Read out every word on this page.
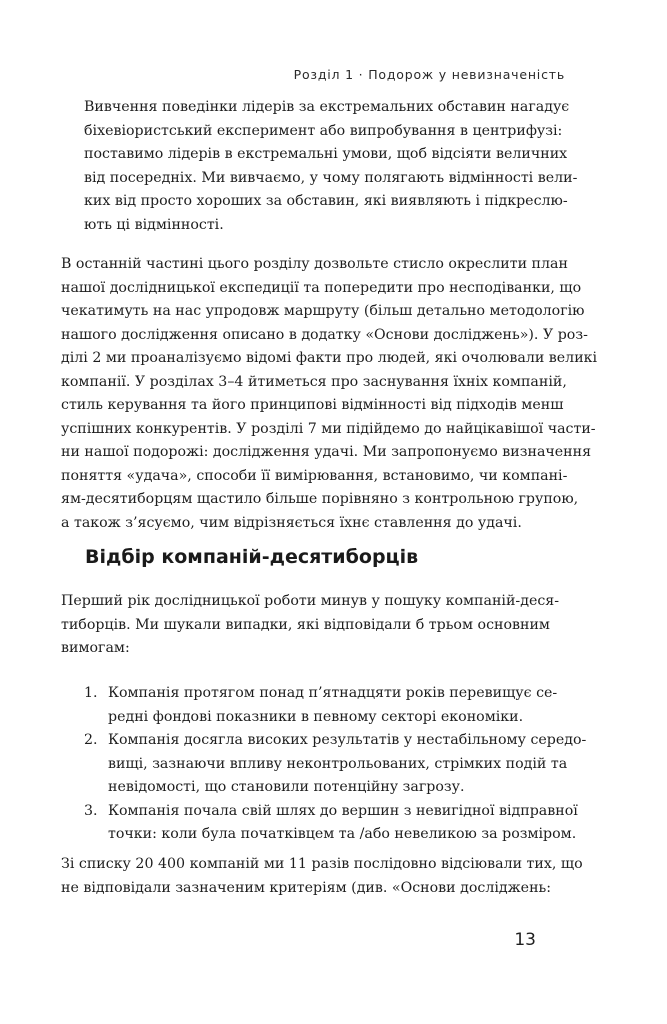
Розділ 1 · Подорож у невизначеність
Вивчення поведінки лідерів за екстремальних обставин нагадує
біхевіористський експеримент або випробування в центрифузі:
поставимо лідерів в екстремальні умови, щоб відсіяти величних
від посередніх. Ми вивчаємо, у чому полягають відмінності вели-
ких від просто хороших за обставин, які виявляють і підкреслю-
ють ці відмінності.
В останній частині цього розділу дозвольте стисло окреслити план
нашої дослідницької експедиції та попередити про несподіванки, що
чекатимуть на нас упродовж маршруту (більш детально методологію
нашого дослідження описано в додатку «Основи досліджень»). У роз-
ділі 2 ми проаналізуємо відомі факти про людей, які очолювали великі
компанії. У розділах 3–4 йтиметься про заснування їхніх компаній,
стиль керування та його принципові відмінності від підходів менш
успішних конкурентів. У розділі 7 ми підійдемо до найцікавішої части-
ни нашої подорожі: дослідження удачі. Ми запропонуємо визначення
поняття «удача», способи її вимірювання, встановимо, чи компані-
ям-десятиборцям щастило більше порівняно з контрольною групою,
а також з’ясуємо, чим відрізняється їхнє ставлення до удачі.
Відбір компаній-десятиборців
Перший рік дослідницької роботи минув у пошуку компаній-деся-
тиборців. Ми шукали випадки, які відповідали б трьом основним
вимогам:
1. Компанія протягом понад п’ятнадцяти років перевищує се-
редні фондові показники в певному секторі економіки.
2. Компанія досягла високих результатів у нестабільному середо-
вищі, зазнаючи впливу неконтрольованих, стрімких подій та
невідомості, що становили потенційну загрозу.
3. Компанія почала свій шлях до вершин з невигідної відправної
точки: коли була початківцем та /або невеликою за розміром.
Зі списку 20 400 компаній ми 11 разів послідовно відсіювали тих, що
не відповідали зазначеним критеріям (див. «Основи досліджень:
13
